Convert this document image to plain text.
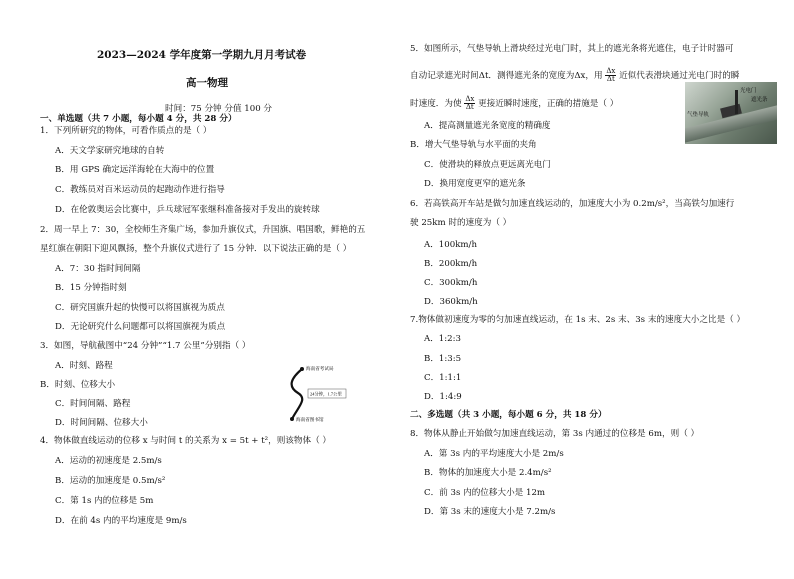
2023—2024 学年度第一学期九月月考试卷
高一物理
时间：75 分钟 分值 100 分
一、单选题（共 7 小题，每小题 4 分，共 28 分）
1．下列所研究的物体，可看作质点的是（ ）
A．天文学家研究地球的自转
B．用 GPS 确定远洋海轮在大海中的位置
C．教练员对百米运动员的起跑动作进行指导
D．在伦敦奥运会比赛中，乒乓球冠军张继科准备接对手发出的旋转球
2．周一早上 7：30，全校师生齐集广场，参加升旗仪式，升国旗、唱国歌，鲜艳的五
星红旗在朝阳下迎风飘扬，整个升旗仪式进行了 15 分钟．以下说法正确的是（ ）
A．7：30 指时间间隔
B．15 分钟指时刻
C．研究国旗升起的快慢可以将国旗视为质点
D．无论研究什么问题都可以将国旗视为质点
3．如图，导航截图中“24 分钟”“1.7 公里”分别指（ ）
A．时刻、路程
B．时刻、位移大小
C．时间间隔、路程
D．时间间隔、位移大小
海南省考试局
24分钟，1.7公里
海南省图书馆
4．物体做直线运动的位移 x 与时间 t 的关系为 x = 5t + t²，则该物体（ ）
A．运动的初速度是 2.5m/s
B．运动的加速度是 0.5m/s²
C．第 1s 内的位移是 5m
D．在前 4s 内的平均速度是 9m/s
5．如图所示，气垫导轨上滑块经过光电门时，其上的遮光条将光遮住，电子计时器可
自动记录遮光时间Δt．测得遮光条的宽度为Δx，用 $\frac{\Delta x}{\Delta t}$ 近似代表滑块通过光电门时的瞬
时速度．为使 $\frac{\Delta x}{\Delta t}$ 更接近瞬时速度，正确的措施是（ ）
光电门
遮光条
气垫导轨
A．提高测量遮光条宽度的精确度
B．增大气垫导轨与水平面的夹角
C．使滑块的释放点更远离光电门
D．换用宽度更窄的遮光条
6．若高铁高开车站是做匀加速直线运动的，加速度大小为 0.2m/s²，当高铁匀加速行
驶 25km 时的速度为（ ）
A．100km/h
B．200km/h
C．300km/h
D．360km/h
7.物体做初速度为零的匀加速直线运动，在 1s 末、2s 末、3s 末的速度大小之比是（ ）
A．1:2:3
B．1:3:5
C．1:1:1
D．1:4:9
二、多选题（共 3 小题，每小题 6 分，共 18 分）
8．物体从静止开始做匀加速直线运动，第 3s 内通过的位移是 6m，则（ ）
A．第 3s 内的平均速度大小是 2m/s
B．物体的加速度大小是 2.4m/s²
C．前 3s 内的位移大小是 12m
D．第 3s 末的速度大小是 7.2m/s
